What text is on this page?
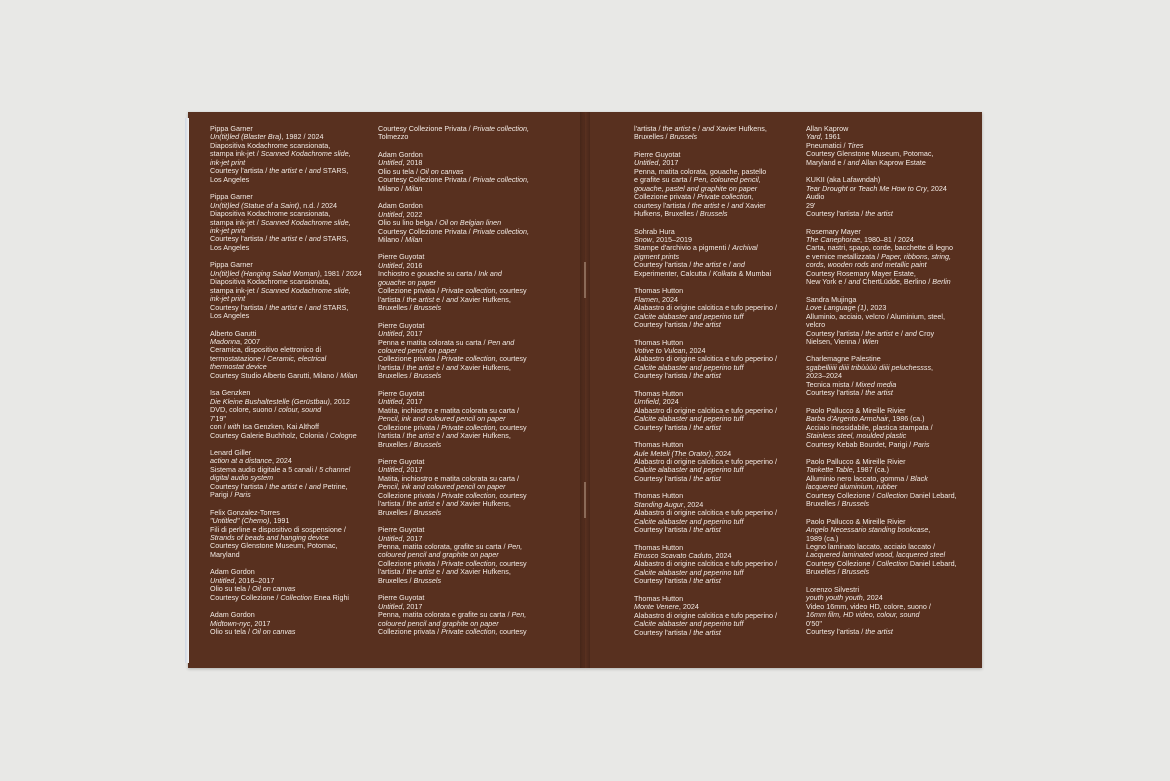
Pippa Garner
Un(tit)led (Blaster Bra), 1982 / 2024
Diapositiva Kodachrome scansionata,
stampa ink-jet / Scanned Kodachrome slide,
ink-jet print
Courtesy l'artista / the artist e / and STARS,
Los Angeles
Pippa Garner
Un(tit)led (Statue of a Saint), n.d. / 2024
Diapositiva Kodachrome scansionata,
stampa ink-jet / Scanned Kodachrome slide,
ink-jet print
Courtesy l'artista / the artist e / and STARS,
Los Angeles
Pippa Garner
Un(tit)led (Hanging Salad Woman), 1981 / 2024
Diapositiva Kodachrome scansionata,
stampa ink-jet / Scanned Kodachrome slide,
ink-jet print
Courtesy l'artista / the artist e / and STARS,
Los Angeles
Alberto Garutti
Madonna, 2007
Ceramica, dispositivo elettronico di
termostatazione / Ceramic, electrical
thermostat device
Courtesy Studio Alberto Garutti, Milano / Milan
Isa Genzken
Die Kleine Bushaltestelle (Gerüstbau), 2012
DVD, colore, suono / colour, sound
7'19"
con / with Isa Genzken, Kai Althoff
Courtesy Galerie Buchholz, Colonia / Cologne
Lenard Giller
action at a distance, 2024
Sistema audio digitale a 5 canali / 5 channel
digital audio system
Courtesy l'artista / the artist e / and Petrine,
Parigi / Paris
Felix Gonzalez-Torres
"Untitled" (Chemo), 1991
Fili di perline e dispositivo di sospensione /
Strands of beads and hanging device
Courtesy Glenstone Museum, Potomac,
Maryland
Adam Gordon
Untitled, 2016–2017
Olio su tela / Oil on canvas
Courtesy Collezione / Collection Enea Righi
Adam Gordon
Midtown-nyc, 2017
Olio su tela / Oil on canvas
Courtesy Collezione Privata / Private collection,
Tolmezzo
Adam Gordon
Untitled, 2018
Olio su tela / Oil on canvas
Courtesy Collezione Privata / Private collection,
Milano / Milan
Adam Gordon
Untitled, 2022
Olio su lino belga / Oil on Belgian linen
Courtesy Collezione Privata / Private collection,
Milano / Milan
Pierre Guyotat
Untitled, 2016
Inchiostro e gouache su carta / Ink and
gouache on paper
Collezione privata / Private collection, courtesy
l'artista / the artist e / and Xavier Hufkens,
Bruxelles / Brussels
Pierre Guyotat
Untitled, 2017
Penna e matita colorata su carta / Pen and
coloured pencil on paper
Collezione privata / Private collection, courtesy
l'artista / the artist e / and Xavier Hufkens,
Bruxelles / Brussels
Pierre Guyotat
Untitled, 2017
Matita, inchiostro e matita colorata su carta /
Pencil, ink and coloured pencil on paper
Collezione privata / Private collection, courtesy
l'artista / the artist e / and Xavier Hufkens,
Bruxelles / Brussels
Pierre Guyotat
Untitled, 2017
Matita, inchiostro e matita colorata su carta /
Pencil, ink and coloured pencil on paper
Collezione privata / Private collection, courtesy
l'artista / the artist e / and Xavier Hufkens,
Bruxelles / Brussels
Pierre Guyotat
Untitled, 2017
Penna, matita colorata, grafite su carta / Pen,
coloured pencil and graphite on paper
Collezione privata / Private collection, courtesy
l'artista / the artist e / and Xavier Hufkens,
Bruxelles / Brussels
Pierre Guyotat
Untitled, 2017
Penna, matita colorata e grafite su carta / Pen,
coloured pencil and graphite on paper
Collezione privata / Private collection, courtesy
l'artista / the artist e / and Xavier Hufkens,
Bruxelles / Brussels
Pierre Guyotat
Untitled, 2017
Penna, matita colorata, gouache, pastello
e grafite su carta / Pen, coloured pencil,
gouache, pastel and graphite on paper
Collezione privata / Private collection,
courtesy l'artista / the artist e / and Xavier
Hufkens, Bruxelles / Brussels
Sohrab Hura
Snow, 2015–2019
Stampe d'archivio a pigmenti / Archival
pigment prints
Courtesy l'artista / the artist e / and
Experimenter, Calcutta / Kolkata & Mumbai
Thomas Hutton
Flamen, 2024
Alabastro di origine calcitica e tufo peperino /
Calcite alabaster and peperino tuff
Courtesy l'artista / the artist
Thomas Hutton
Votive to Vulcan, 2024
Alabastro di origine calcitica e tufo peperino /
Calcite alabaster and peperino tuff
Courtesy l'artista / the artist
Thomas Hutton
Urnfield, 2024
Alabastro di origine calcitica e tufo peperino /
Calcite alabaster and peperino tuff
Courtesy l'artista / the artist
Thomas Hutton
Aule Meteli (The Orator), 2024
Alabastro di origine calcitica e tufo peperino /
Calcite alabaster and peperino tuff
Courtesy l'artista / the artist
Thomas Hutton
Standing Augur, 2024
Alabastro di origine calcitica e tufo peperino /
Calcite alabaster and peperino tuff
Courtesy l'artista / the artist
Thomas Hutton
Etrusco Scavato Caduto, 2024
Alabastro di origine calcitica e tufo peperino /
Calcite alabaster and peperino tuff
Courtesy l'artista / the artist
Thomas Hutton
Monte Venere, 2024
Alabastro di origine calcitica e tufo peperino /
Calcite alabaster and peperino tuff
Courtesy l'artista / the artist
Allan Kaprow
Yard, 1961
Pneumatici / Tires
Courtesy Glenstone Museum, Potomac,
Maryland e / and Allan Kaprow Estate
KUKII (aka Lafawndah)
Tear Drought or Teach Me How to Cry, 2024
Audio
29'
Courtesy l'artista / the artist
Rosemary Mayer
The Canephorae, 1980–81 / 2024
Carta, nastri, spago, corde, bacchette di legno
e vernice metallizzata / Paper, ribbons, string,
cords, wooden rods and metallic paint
Courtesy Rosemary Mayer Estate,
New York e / and ChertLüdde, Berlino / Berlin
Sandra Mujinga
Love Language (1), 2023
Alluminio, acciaio, velcro / Aluminium, steel,
velcro
Courtesy l'artista / the artist e / and Croy
Nielsen, Vienna / Wien
Charlemagne Palestine
sgabelliiiii diiii tribùùùù diiii peluchessss,
2023–2024
Tecnica mista / Mixed media
Courtesy l'artista / the artist
Paolo Pallucco & Mireille Rivier
Barba d'Argento Armchair, 1986 (ca.)
Acciaio inossidabile, plastica stampata /
Stainless steel, moulded plastic
Courtesy Kebab Bourdet, Parigi / Paris
Paolo Pallucco & Mireille Rivier
Tankette Table, 1987 (ca.)
Alluminio nero laccato, gomma / Black
lacquered aluminium, rubber
Courtesy Collezione / Collection Daniel Lebard,
Bruxelles / Brussels
Paolo Pallucco & Mireille Rivier
Angelo Necessario standing bookcase,
1989 (ca.)
Legno laminato laccato, acciaio laccato /
Lacquered laminated wood, lacquered steel
Courtesy Collezione / Collection Daniel Lebard,
Bruxelles / Brussels
Lorenzo Silvestri
youth youth youth, 2024
Video 16mm, video HD, colore, suono /
16mm film, HD video, colour, sound
0'50"
Courtesy l'artista / the artist
